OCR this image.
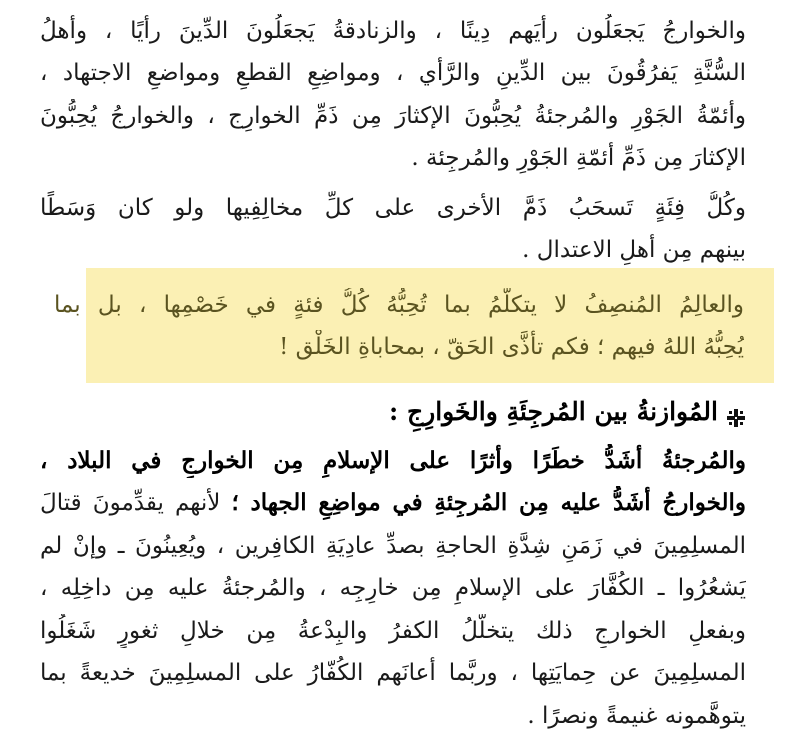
والخوارجُ يَجعَلُون رأيَهم دِينًا ، والزنادقةُ يَجعَلُونَ الدِّينَ رأيًا ، وأهلُ
السُّنَّةِ يَفرُقُونَ بين الدِّينِ والرَّأي ، ومواضِعِ القطعِ ومواضعِ الاجتهاد ،
وأئمّةُ الجَوْرِ والمُرجئةُ يُحِبُّونَ الإكثارَ مِن ذَمِّ الخوارِج ، والخوارجُ يُحِبُّونَ
الإكثارَ مِن ذَمِّ أئمّةِ الجَوْرِ والمُرجِئة .
وكُلُّ فِئَةٍ تَسحَبُ ذَمَّ الأخرى على كلِّ مخالِفِيها ولو كان وَسَطًا
بينهم مِن أهلِ الاعتدال .
والعالِمُ المُنصِفُ لا يتكلَّمُ بما تُحِبُّهُ كُلُّ فئةٍ في خَصْمِها ، بل بما
يُحِبُّهُ اللهُ فيهم ؛ فكم تأذَّى الحَقّ ، بمحاباةِ الخَلْق !
المُوازنةُ بين المُرجِئَةِ والخَوارِجِ :
والمُرجئةُ أشَدُّ خطَرًا وأثرًا على الإسلامِ مِن الخوارجِ في البلاد ،
والخوارجُ أشَدُّ عليه مِن المُرجِئةِ في مواضِعِ الجهاد ؛ لأنهم يقدِّمونَ قتالَ
المسلِمِينَ في زَمَنِ شِدَّةِ الحاجةِ بصدِّ عادِيَةِ الكافِرين ، ويُعِينُونَ ـ وإنْ لم
يَشعُرُوا ـ الكُفَّارَ على الإسلامِ مِن خارِجِه ، والمُرجئةُ عليه مِن داخِلِه ،
وبفعلِ الخوارجِ ذلك يتخلَّلُ الكفرُ والبِدْعةُ مِن خلالِ ثغورٍ شَغَلُوا
المسلِمِينَ عن حِمايَتِها ، وربَّما أعانَهم الكُفّارُ على المسلِمِينَ خديعةً بما
يتوهَّمونه غنيمةً ونصرًا .
